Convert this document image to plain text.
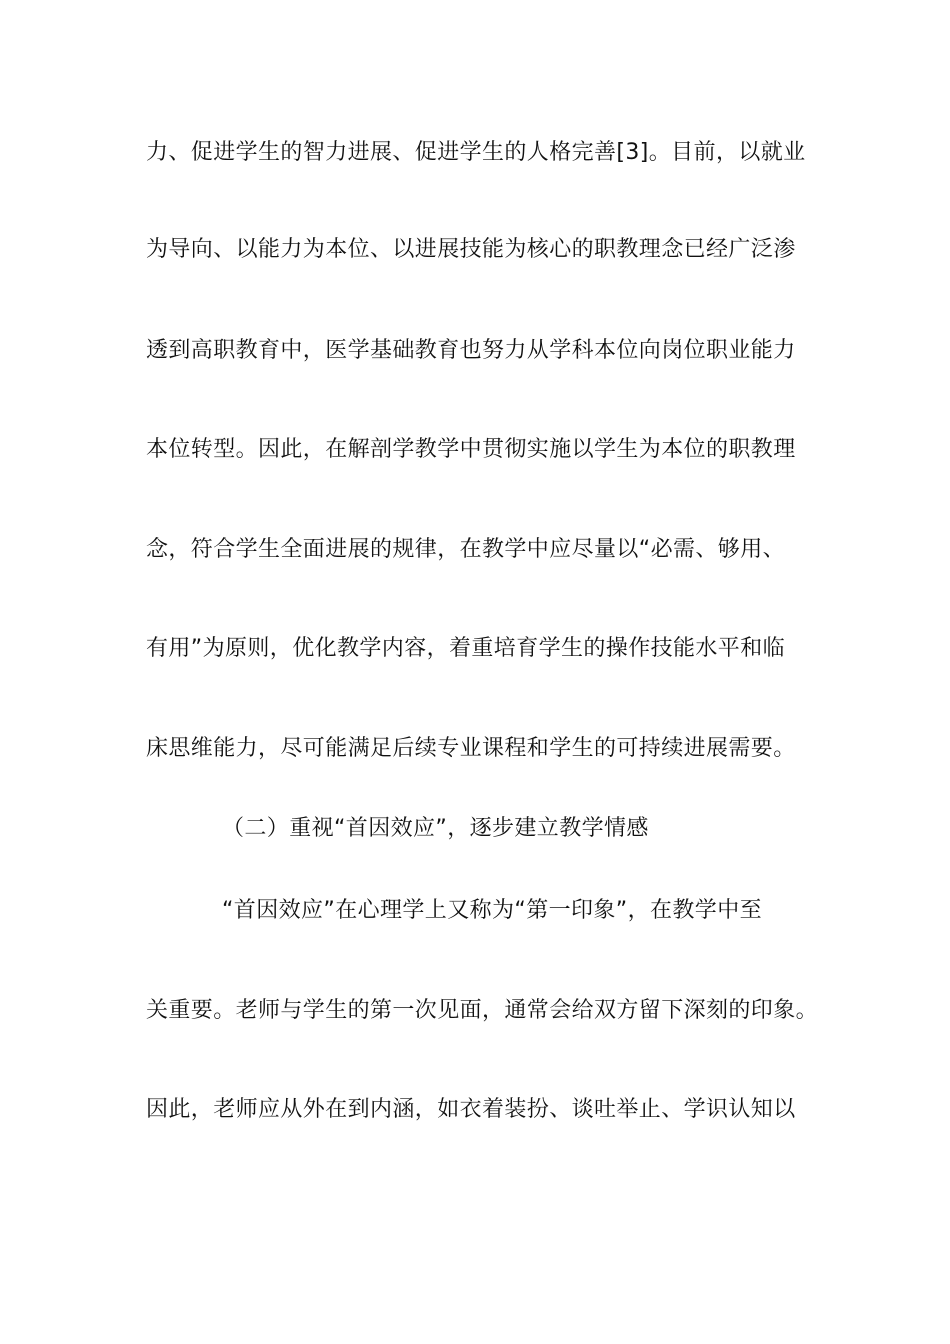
力、促进学生的智力进展、促进学生的人格完善[3]。目前，以就业
为导向、以能力为本位、以进展技能为核心的职教理念已经广泛渗
透到高职教育中，医学基础教育也努力从学科本位向岗位职业能力
本位转型。因此，在解剖学教学中贯彻实施以学生为本位的职教理
念，符合学生全面进展的规律，在教学中应尽量以“必需、够用、
有用”为原则，优化教学内容，着重培育学生的操作技能水平和临
床思维能力，尽可能满足后续专业课程和学生的可持续进展需要。
（二）重视“首因效应”，逐步建立教学情感
“首因效应”在心理学上又称为“第一印象”，在教学中至
关重要。老师与学生的第一次见面，通常会给双方留下深刻的印象。
因此，老师应从外在到内涵，如衣着装扮、谈吐举止、学识认知以
